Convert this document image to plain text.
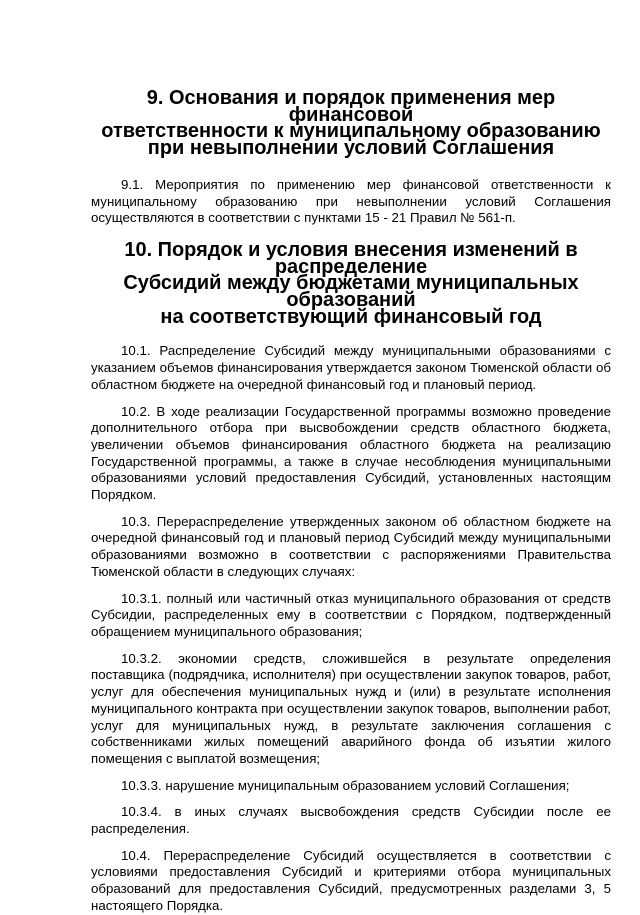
9. Основания и порядок применения мер финансовой
ответственности к муниципальному образованию
при невыполнении условий Соглашения

9.1. Мероприятия по применению мер финансовой ответственности к муниципальному образованию при невыполнении условий Соглашения осуществляются в соответствии с пунктами 15 - 21 Правил № 561-п.

10. Порядок и условия внесения изменений в распределение
Субсидий между бюджетами муниципальных образований
на соответствующий финансовый год

10.1. Распределение Субсидий между муниципальными образованиями с указанием объемов финансирования утверждается законом Тюменской области об областном бюджете на очередной финансовый год и плановый период.

10.2. В ходе реализации Государственной программы возможно проведение дополнительного отбора при высвобождении средств областного бюджета, увеличении объемов финансирования областного бюджета на реализацию Государственной программы, а также в случае несоблюдения муниципальными образованиями условий предоставления Субсидий, установленных настоящим Порядком.

10.3. Перераспределение утвержденных законом об областном бюджете на очередной финансовый год и плановый период Субсидий между муниципальными образованиями возможно в соответствии с распоряжениями Правительства Тюменской области в следующих случаях:

10.3.1. полный или частичный отказ муниципального образования от средств Субсидии, распределенных ему в соответствии с Порядком, подтвержденный обращением муниципального образования;

10.3.2. экономии средств, сложившейся в результате определения поставщика (подрядчика, исполнителя) при осуществлении закупок товаров, работ, услуг для обеспечения муниципальных нужд и (или) в результате исполнения муниципального контракта при осуществлении закупок товаров, выполнении работ, услуг для муниципальных нужд, в результате заключения соглашения с собственниками жилых помещений аварийного фонда об изъятии жилого помещения с выплатой возмещения;

10.3.3. нарушение муниципальным образованием условий Соглашения;

10.3.4. в иных случаях высвобождения средств Субсидии после ее распределения.

10.4. Перераспределение Субсидий осуществляется в соответствии с условиями предоставления Субсидий и критериями отбора муниципальных образований для предоставления Субсидий, предусмотренных разделами 3, 5 настоящего Порядка.
